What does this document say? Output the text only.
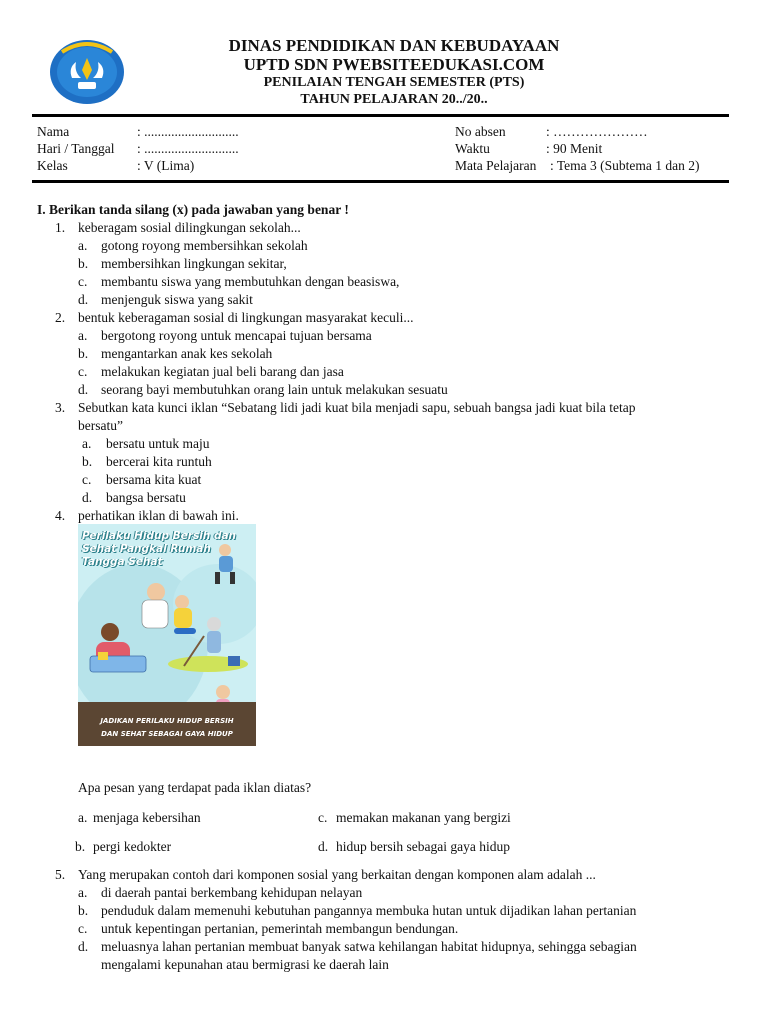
DINAS PENDIDIKAN DAN KEBUDAYAAN
UPTD SDN PWEBSITEEDUKASI.COM
PENILAIAN TENGAH SEMESTER (PTS)
TAHUN PELAJARAN 20../20..
Nama	: ............................
Hari / Tanggal : ............................
Kelas	: V (Lima)
No absen	: …………………
Waktu	: 90 Menit
Mata Pelajaran : Tema 3 (Subtema 1 dan 2)
I. Berikan tanda silang (x) pada jawaban yang benar !
1. keberagam sosial dilingkungan sekolah...
a. gotong royong membersihkan sekolah
b. membersihkan lingkungan sekitar,
c. membantu siswa yang membutuhkan dengan beasiswa,
d. menjenguk siswa yang sakit
2. bentuk keberagaman sosial di lingkungan masyarakat keculi...
a. bergotong royong untuk mencapai tujuan bersama
b. mengantarkan anak kes sekolah
c. melakukan kegiatan jual beli barang dan jasa
d. seorang bayi membutuhkan orang lain untuk melakukan sesuatu
3. Sebutkan kata kunci iklan “Sebatang lidi jadi kuat bila menjadi sapu, sebuah bangsa jadi kuat bila tetap
bersatu”
a. bersatu untuk maju
b. bercerai kita runtuh
c. bersama kita kuat
d. bangsa bersatu
4. perhatikan iklan di bawah ini.
Perilaku Hidup Bersih dan Sehat Pangkal Rumah Tangga Sehat
JADIKAN PERILAKU HIDUP BERSIH
DAN SEHAT SEBAGAI GAYA HIDUP
Apa pesan yang terdapat pada iklan diatas?
a. menjaga kebersihan
b. pergi kedokter
c. memakan makanan yang bergizi
d. hidup bersih sebagai gaya hidup
5. Yang merupakan contoh dari komponen sosial yang berkaitan dengan komponen alam adalah ...
a. di daerah pantai berkembang kehidupan nelayan
b. penduduk dalam memenuhi kebutuhan pangannya membuka hutan untuk dijadikan lahan pertanian
c. untuk kepentingan pertanian, pemerintah membangun bendungan.
d. meluasnya lahan pertanian membuat banyak satwa kehilangan habitat hidupnya, sehingga sebagian
mengalami kepunahan atau bermigrasi ke daerah lain
